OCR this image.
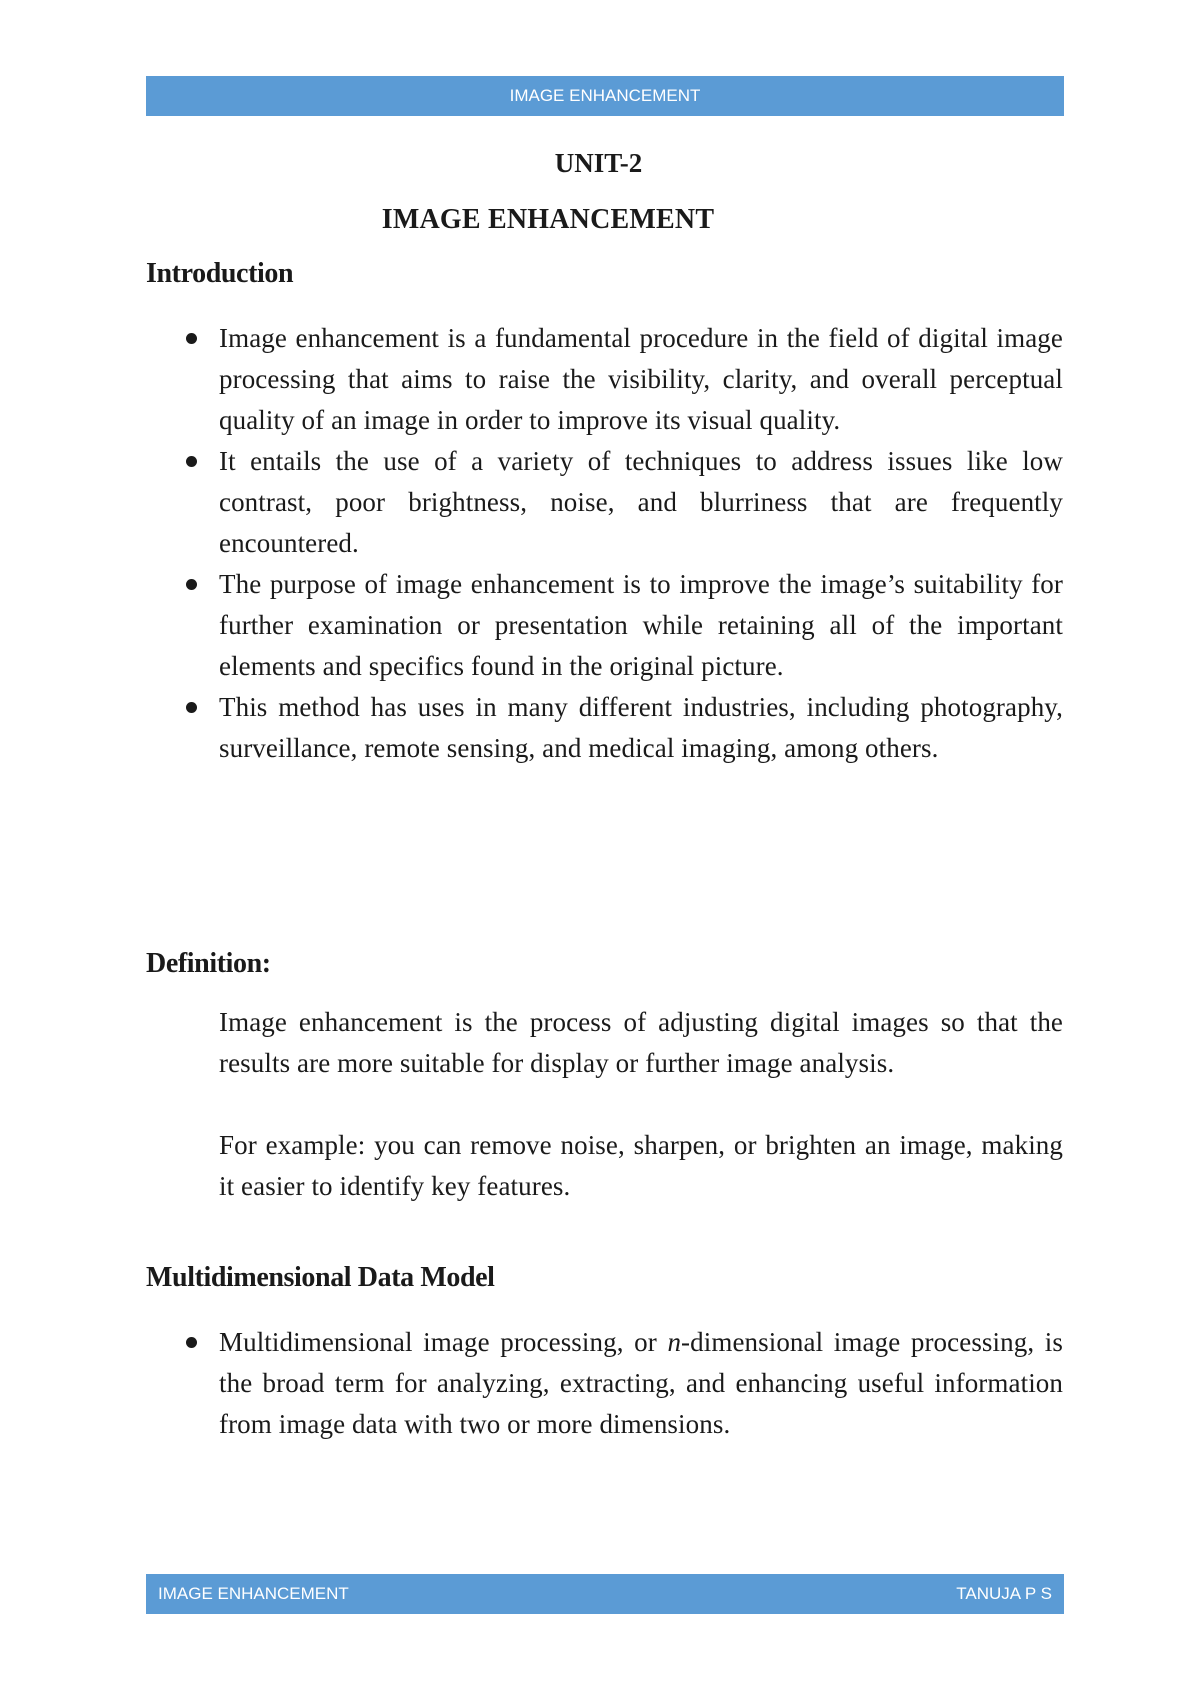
IMAGE ENHANCEMENT
UNIT-2
IMAGE ENHANCEMENT
Introduction
Image enhancement is a fundamental procedure in the field of digital image processing that aims to raise the visibility, clarity, and overall perceptual quality of an image in order to improve its visual quality.
It entails the use of a variety of techniques to address issues like low contrast, poor brightness, noise, and blurriness that are frequently encountered.
The purpose of image enhancement is to improve the image’s suitability for further examination or presentation while retaining all of the important elements and specifics found in the original picture.
This method has uses in many different industries, including photography, surveillance, remote sensing, and medical imaging, among others.
Definition:
Image enhancement is the process of adjusting digital images so that the results are more suitable for display or further image analysis.
For example: you can remove noise, sharpen, or brighten an image, making it easier to identify key features.
Multidimensional Data Model
Multidimensional image processing, or n-dimensional image processing, is the broad term for analyzing, extracting, and enhancing useful information from image data with two or more dimensions.
IMAGE ENHANCEMENT	TANUJA P S
